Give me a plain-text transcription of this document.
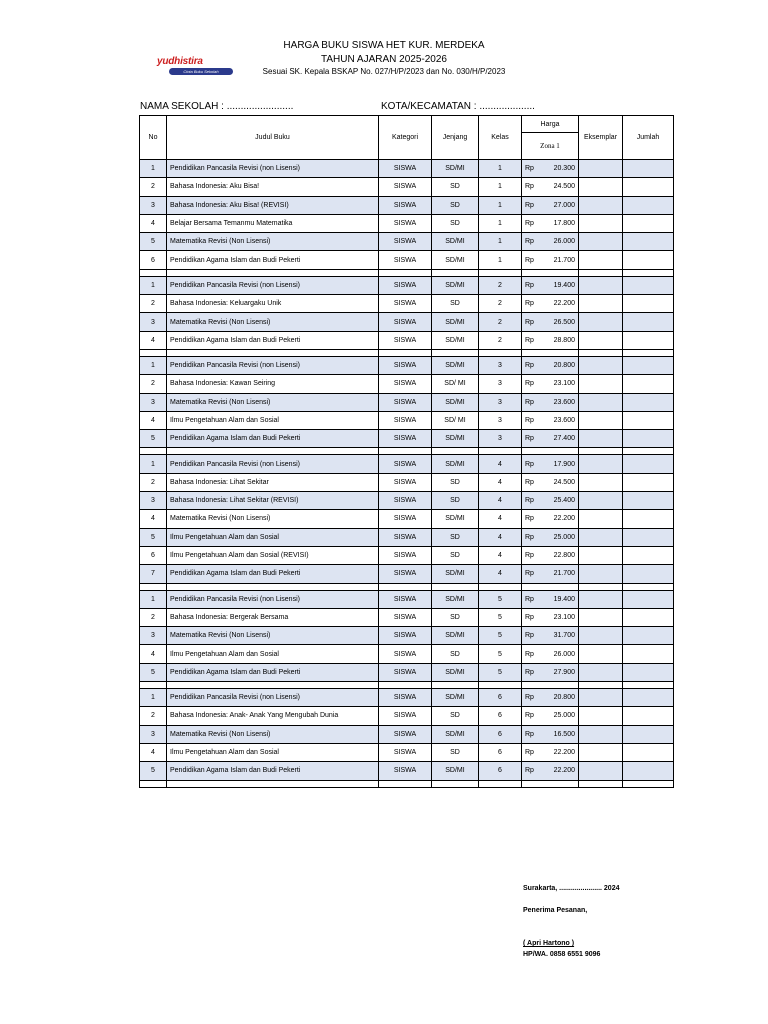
yudhistira
Cinta Buku Sekolah
HARGA BUKU SISWA HET KUR. MERDEKA
TAHUN AJARAN 2025-2026
Sesuai SK. Kepala BSKAP No. 027/H/P/2023 dan No. 030/H/P/2023
NAMA SEKOLAH : ........................	KOTA/KECAMATAN : ....................
No	Judul Buku	Kategori	Jenjang	Kelas	Harga	Eksemplar	Jumlah
					Zona 1		
1	Pendidikan Pancasila Revisi (non Lisensi)	SISWA	SD/MI	1	Rp 20.300		

2	Bahasa Indonesia: Aku Bisa!	SISWA	SD	1	Rp 24.500		

3	Bahasa Indonesia: Aku Bisa! (REVISI)	SISWA	SD	1	Rp 27.000		

4	Belajar Bersama Temanmu Matematika	SISWA	SD	1	Rp 17.800		

5	Matematika Revisi (Non Lisensi)	SISWA	SD/MI	1	Rp 26.000		

6	Pendidikan Agama Islam dan Budi Pekerti	SISWA	SD/MI	1	Rp 21.700		

1	Pendidikan Pancasila Revisi (non Lisensi)	SISWA	SD/MI	2	Rp 19.400		

2	Bahasa Indonesia: Keluargaku Unik	SISWA	SD	2	Rp 22.200		

3	Matematika Revisi (Non Lisensi)	SISWA	SD/MI	2	Rp 26.500		

4	Pendidikan Agama Islam dan Budi Pekerti	SISWA	SD/MI	2	Rp 28.800		

1	Pendidikan Pancasila Revisi (non Lisensi)	SISWA	SD/MI	3	Rp 20.800		

2	Bahasa Indonesia: Kawan Seiring	SISWA	SD/ MI	3	Rp 23.100		

3	Matematika Revisi (Non Lisensi)	SISWA	SD/MI	3	Rp 23.600		

4	Ilmu Pengetahuan Alam dan Sosial	SISWA	SD/ MI	3	Rp 23.600		

5	Pendidikan Agama Islam dan Budi Pekerti	SISWA	SD/MI	3	Rp 27.400		

1	Pendidikan Pancasila Revisi (non Lisensi)	SISWA	SD/MI	4	Rp 17.900		

2	Bahasa Indonesia: Lihat Sekitar	SISWA	SD	4	Rp 24.500		

3	Bahasa Indonesia: Lihat Sekitar (REVISI)	SISWA	SD	4	Rp 25.400		

4	Matematika Revisi (Non Lisensi)	SISWA	SD/MI	4	Rp 22.200		

5	Ilmu Pengetahuan Alam dan Sosial	SISWA	SD	4	Rp 25.000		

6	Ilmu Pengetahuan Alam dan Sosial (REVISI)	SISWA	SD	4	Rp 22.800		

7	Pendidikan Agama Islam dan Budi Pekerti	SISWA	SD/MI	4	Rp 21.700		

1	Pendidikan Pancasila Revisi (non Lisensi)	SISWA	SD/MI	5	Rp 19.400		

2	Bahasa Indonesia: Bergerak Bersama	SISWA	SD	5	Rp 23.100		

3	Matematika Revisi (Non Lisensi)	SISWA	SD/MI	5	Rp 31.700		

4	Ilmu Pengetahuan Alam dan Sosial	SISWA	SD	5	Rp 26.000		

5	Pendidikan Agama Islam dan Budi Pekerti	SISWA	SD/MI	5	Rp 27.900		

1	Pendidikan Pancasila Revisi (non Lisensi)	SISWA	SD/MI	6	Rp 20.800		

2	Bahasa Indonesia: Anak- Anak Yang Mengubah Dunia	SISWA	SD	6	Rp 25.000		

3	Matematika Revisi (Non Lisensi)	SISWA	SD/MI	6	Rp 16.500		

4	Ilmu Pengetahuan Alam dan Sosial	SISWA	SD	6	Rp 22.200		

5	Pendidikan Agama Islam dan Budi Pekerti	SISWA	SD/MI	6	Rp 22.200		

Surakarta, ...................... 2024
Penerima Pesanan,
( Apri Hartono )
HP/WA. 0858 6551 9096
